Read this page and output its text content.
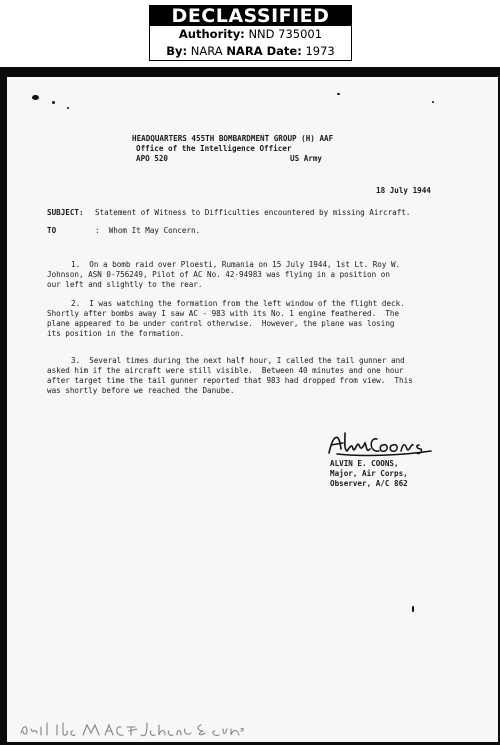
DECLASSIFIED
Authority: NND 735001
By: NARA NARA Date: 1973
HEADQUARTERS 455TH BOMBARDMENT GROUP (H) AAF
Office of the Intelligence Officer
APO 520	US Army
18 July 1944
SUBJECT: Statement of Witness to Difficulties encountered by missing Aircraft.
TO	:  Whom It May Concern.
1.  On a bomb raid over Ploesti, Rumania on 15 July 1944, 1st Lt. Roy W.
Johnson, ASN 0-756249, Pilot of AC No. 42-94983 was flying in a position on
our left and slightly to the rear.
2.  I was watching the formation from the left window of the flight deck.
Shortly after bombs away I saw AC - 983 with its No. 1 engine feathered.  The
plane appeared to be under control otherwise.  However, the plane was losing
its position in the formation.
3.  Several times during the next half hour, I called the tail gunner and
asked him if the aircraft were still visible.  Between 40 minutes and one hour
after target time the tail gunner reported that 983 had dropped from view.  This
was shortly before we reached the Danube.
ALVIN E. COONS,
Major, Air Corps,
Observer, A/C 862
